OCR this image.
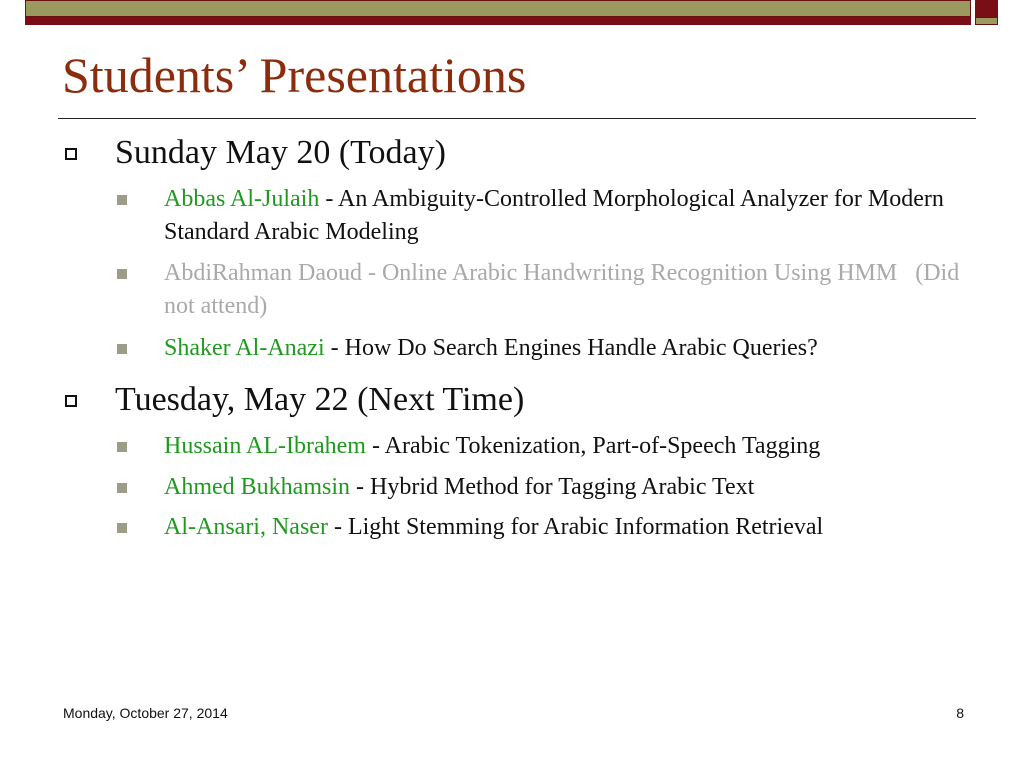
Students’ Presentations
Sunday May 20 (Today)
Abbas Al-Julaih - An Ambiguity-Controlled Morphological Analyzer for Modern Standard Arabic Modeling
AbdiRahman Daoud - Online Arabic Handwriting Recognition Using HMM   (Did not attend)
Shaker Al-Anazi - How Do Search Engines Handle Arabic Queries?
Tuesday, May 22 (Next Time)
Hussain AL-Ibrahem - Arabic Tokenization, Part-of-Speech Tagging
Ahmed Bukhamsin - Hybrid Method for Tagging Arabic Text
Al-Ansari, Naser - Light Stemming for Arabic Information Retrieval
Monday, October 27, 2014	8
